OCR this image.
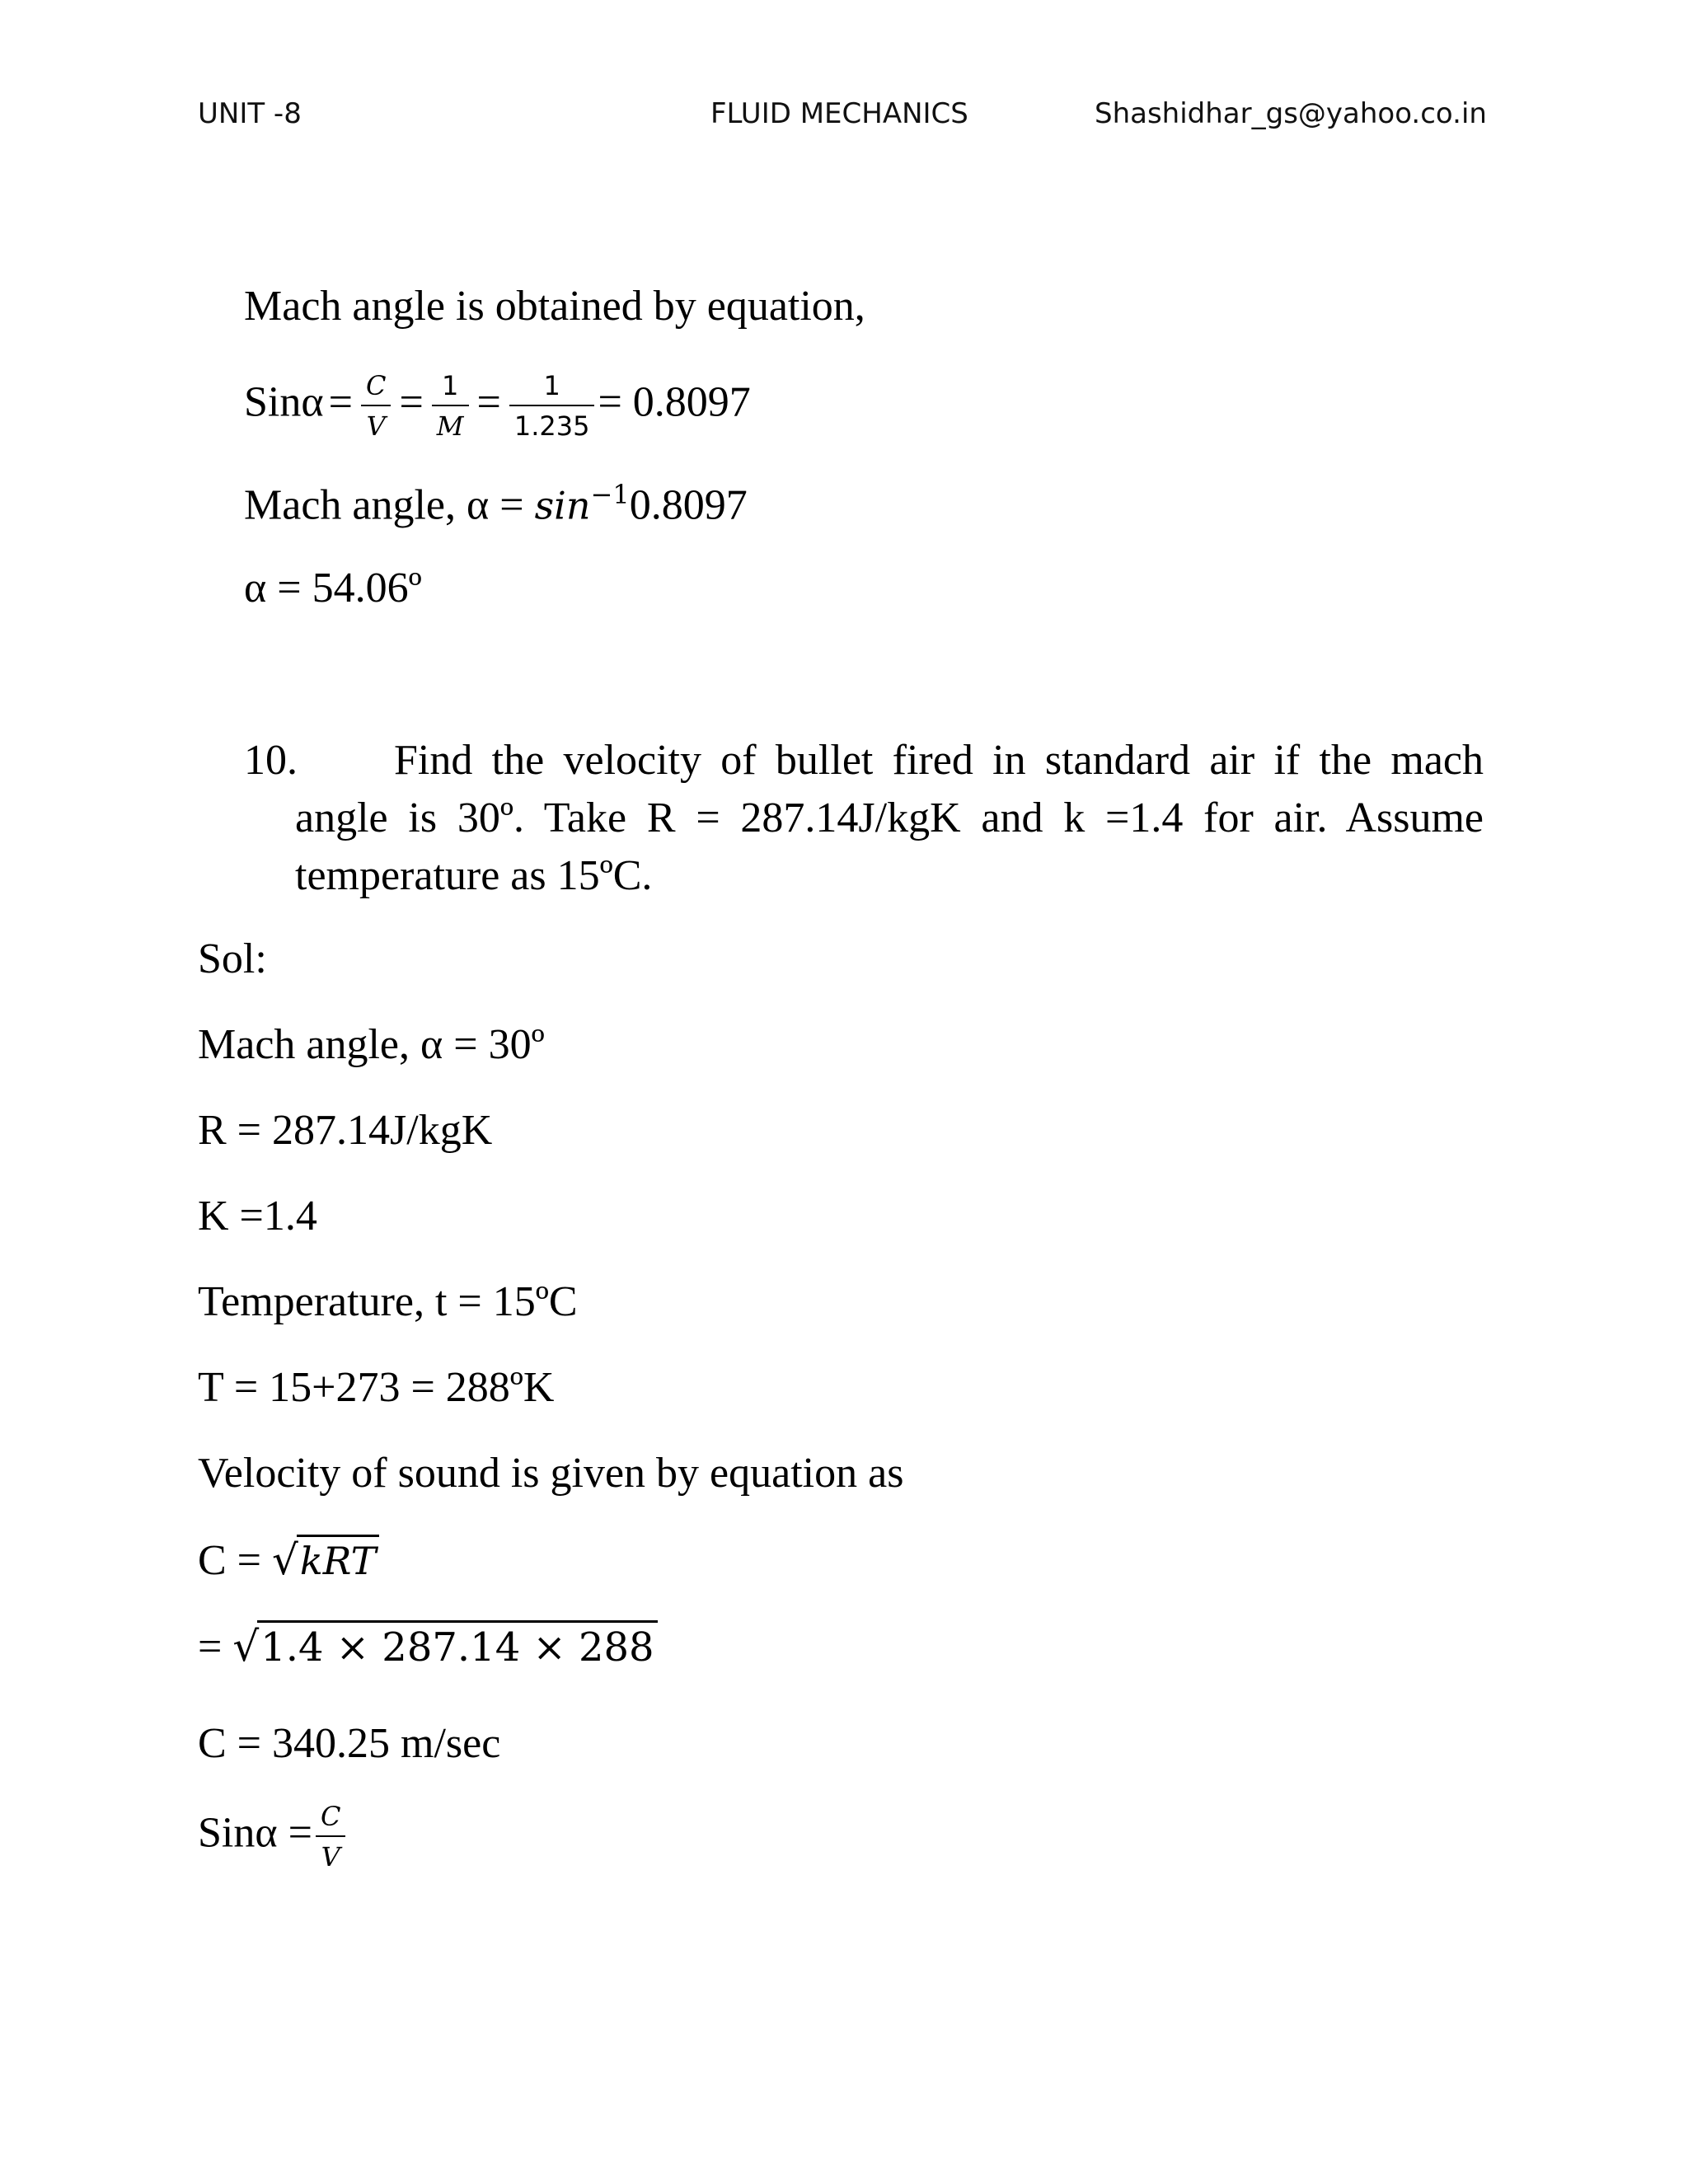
UNIT -8	FLUID MECHANICS	Shashidhar_gs@yahoo.co.in
Mach angle is obtained by equation,
$Sin\alpha = \frac{C}{V} = \frac{1}{M} = \frac{1}{1.235} = 0.8097$
Mach angle, $\alpha = \sin^{-1}0.8097$
α = 54.06º
10. Find the velocity of bullet fired in standard air if the mach
angle is 30º. Take R = 287.14J/kgK and k =1.4 for air. Assume
temperature as 15ºC.
Sol:
Mach angle, α = 30º
R = 287.14J/kgK
K =1.4
Temperature, t = 15ºC
T = 15+273 = 288ºK
Velocity of sound is given by equation as
C = √kRT
= √1.4 × 287.14 × 288
C = 340.25 m/sec
$Sin\alpha = \frac{C}{V}$
